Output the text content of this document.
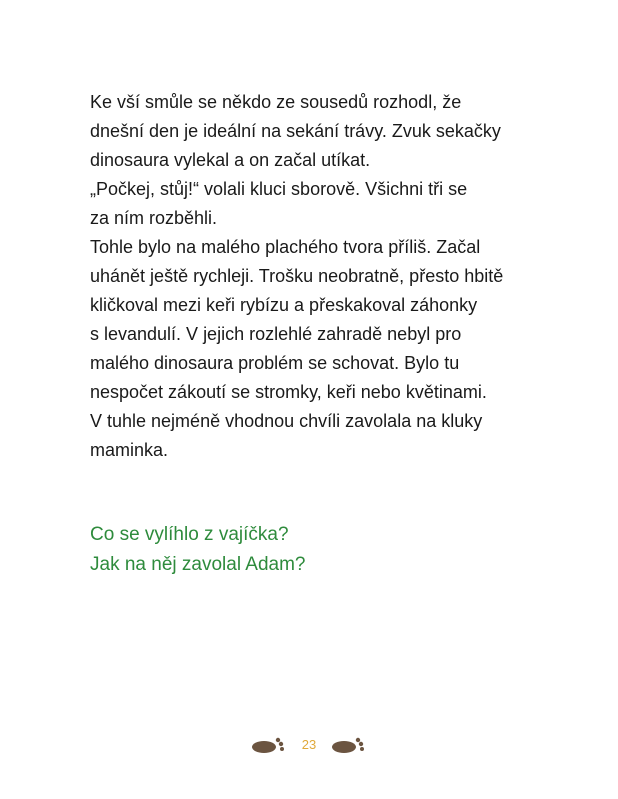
Ke vší smůle se někdo ze sousedů rozhodl, že
dnešní den je ideální na sekání trávy. Zvuk sekačky
dinosaura vylekal a on začal utíkat.
„Počkej, stůj!“ volali kluci sborově. Všichni tři se
za ním rozběhli.
Tohle bylo na malého plachého tvora příliš. Začal
uhánět ještě rychleji. Trošku neobratně, přesto hbitě
kličkoval mezi keři rybízu a přeskakoval záhonky
s levandulí. V jejich rozlehlé zahradě nebyl pro
malého dinosaura problém se schovat. Bylo tu
nespočet zákoutí se stromky, keři nebo květinami.
V tuhle nejméně vhodnou chvíli zavolala na kluky
maminka.
Co se vylíhlo z vajíčka?
Jak na něj zavolal Adam?
23
